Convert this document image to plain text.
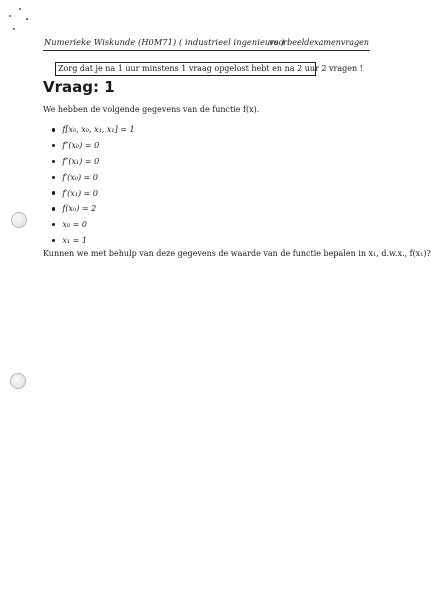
Numerieke Wiskunde (H0M71) ( industrieel ingenieurs )
voorbeeldexamenvragen
Zorg dat je na 1 uur minstens 1 vraag opgelost hebt en na 2 uur 2 vragen !
Vraag: 1
We hebben de volgende gegevens van de functie f(x).
f[x₀, x₀, x₁, x₁] = 1
f″(x₀) = 0
f″(x₁) = 0
f′(x₀) = 0
f′(x₁) = 0
f(x₀) = 2
x₀ = 0
x₁ = 1
Kunnen we met behulp van deze gegevens de waarde van de functie bepalen in x₁, d.w.x., f(x₁)?
